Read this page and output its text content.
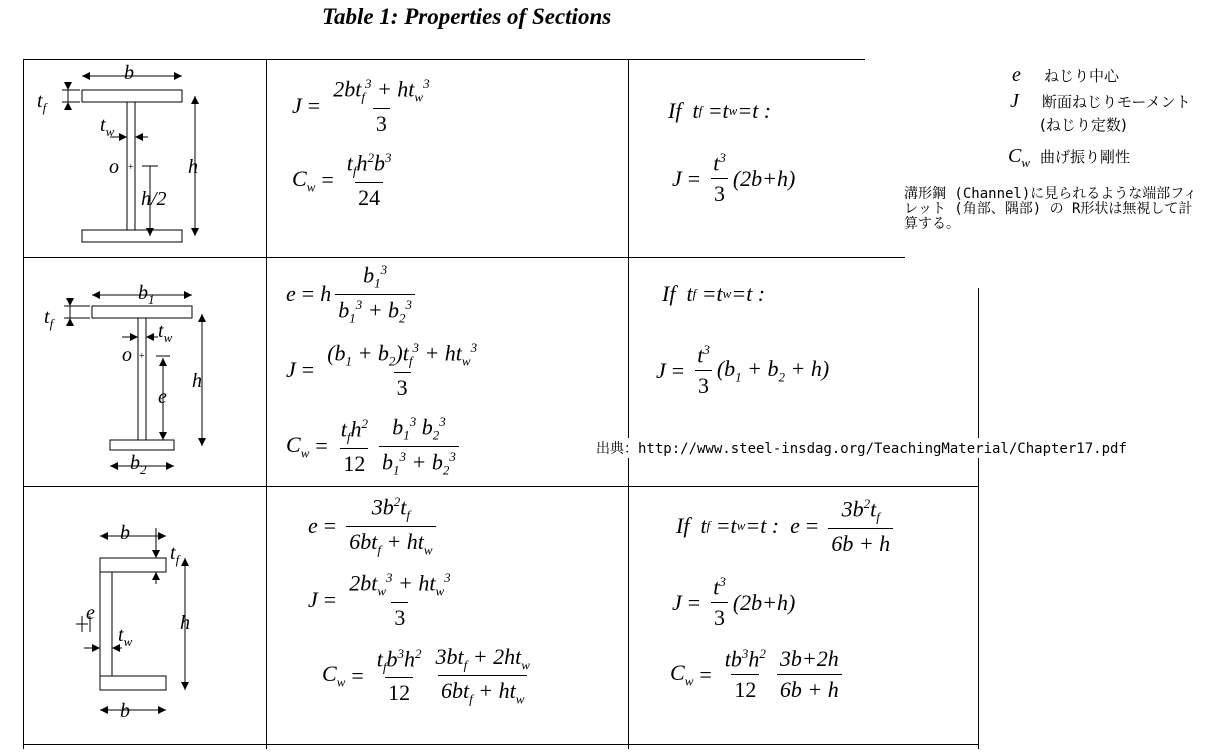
Table 1: Properties of Sections
+
b
$t_f$
$t_w$
o	h
h/2
$J = \frac{2bt_f^3 + ht_w^3}{3}$
$C_w = \frac{t_fh^2b^3}{24}$
If t f =t w =t :
$J = \frac{t^3}{3} (2b+h)$
+
$b_1$
$b_2$
$t_f$	$t_w$
o
h
e
e = h $\frac{b_1^3}{b_1^3 + b_2^3}$
$J = \frac{(b_1 + b_2)t_f^3 + ht_w^3}{3}$
$C_w = \frac{t_fh^2}{12} \frac{b_1^3 b_2^3}{b_1^3 + b_2^3}$
If t f =t w =t :
$J = \frac{t^3}{3} (b_1 + b_2 + h)$
b
b
$t_f$
$t_w$
h
e
$e = \frac{3b^2t_f}{6bt_f + ht_w}$
$J = \frac{2bt_w^3 + ht_w^3}{3}$
$C_w = \frac{t_fb^3h^2}{12} \frac{3bt_f + 2ht_w}{6bt_f + ht_w}$
If t f =t w =t : $e = \frac{3b^2t_f}{6b + h}$
$J = \frac{t^3}{3} (2b+h)$
$C_w = \frac{tb^3h^2}{12} \frac{3b+2h}{6b + h}$
e ねじり中心
J 断面ねじりモーメント
(ねじり定数)
$C_w$ 曲げ振り剛性
溝形鋼 (Channel)に見られるような端部フィレット (角部、隅部) の R形状は無視して計算する。
出典：http://www.steel-insdag.org/TeachingMaterial/Chapter17.pdf
